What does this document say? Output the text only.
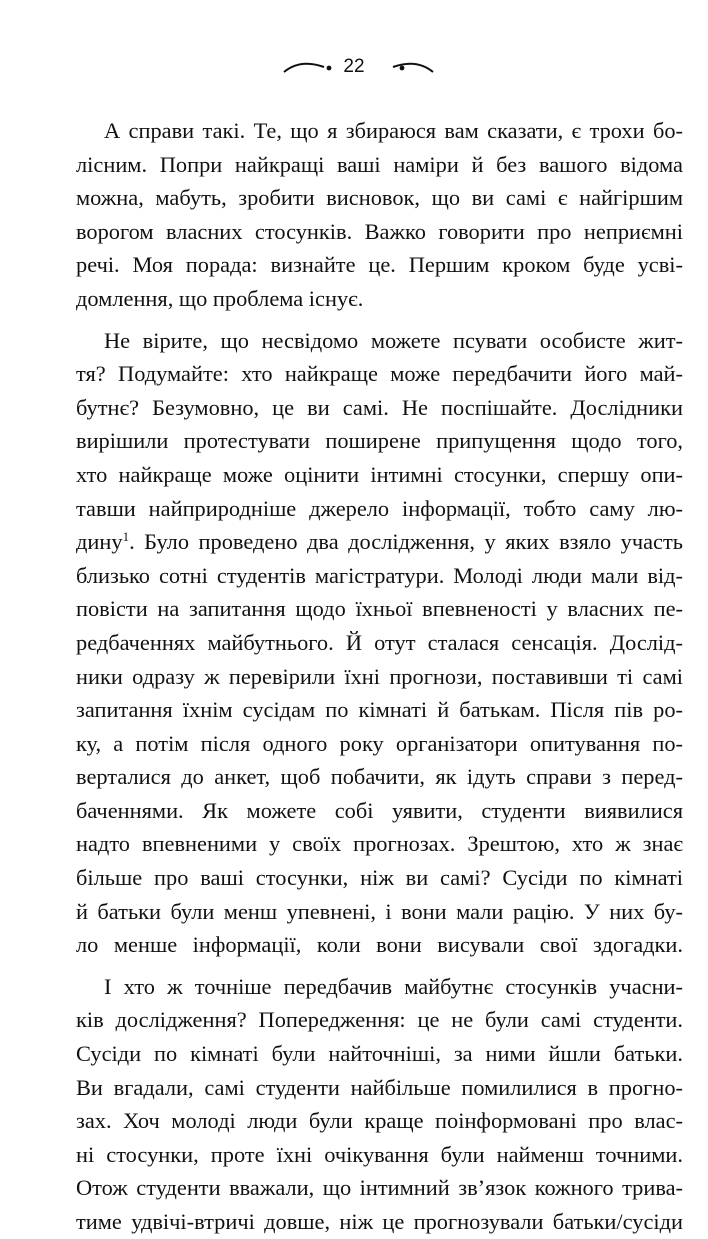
22
А справи такі. Те, що я збираюся вам сказати, є трохи бо-
лісним. Попри найкращі ваші наміри й без вашого відома
можна, мабуть, зробити висновок, що ви самі є найгіршим
ворогом власних стосунків. Важко говорити про неприємні
речі. Моя порада: визнайте це. Першим кроком буде усві-
домлення, що проблема існує.
Не вірите, що несвідомо можете псувати особисте жит-
тя? Подумайте: хто найкраще може передбачити його май-
бутнє? Безумовно, це ви самі. Не поспішайте. Дослідники
вирішили протестувати поширене припущення щодо того,
хто найкраще може оцінити інтимні стосунки, спершу опи-
тавши найприродніше джерело інформації, тобто саму лю-
дину$^1$. Було проведено два дослідження, у яких взяло участь
близько сотні студентів магістратури. Молоді люди мали від-
повісти на запитання щодо їхньої впевненості у власних пе-
редбаченнях майбутнього. Й отут сталася сенсація. Дослід-
ники одразу ж перевірили їхні прогнози, поставивши ті самі
запитання їхнім сусідам по кімнаті й батькам. Після пів ро-
ку, а потім після одного року організатори опитування по-
верталися до анкет, щоб побачити, як ідуть справи з перед-
баченнями. Як можете собі уявити, студенти виявилися
надто впевненими у своїх прогнозах. Зрештою, хто ж знає
більше про ваші стосунки, ніж ви самі? Сусіди по кімнаті
й батьки були менш упевнені, і вони мали рацію. У них бу-
ло менше інформації, коли вони висували свої здогадки.
І хто ж точніше передбачив майбутнє стосунків учасни-
ків дослідження? Попередження: це не були самі студенти.
Сусіди по кімнаті були найточніші, за ними йшли батьки.
Ви вгадали, самі студенти найбільше помилилися в прогно-
зах. Хоч молоді люди були краще поінформовані про влас-
ні стосунки, проте їхні очікування були найменш точними.
Отож студенти вважали, що інтимний зв’язок кожного трива-
тиме удвічі-втричі довше, ніж це прогнозували батьки/сусіди
